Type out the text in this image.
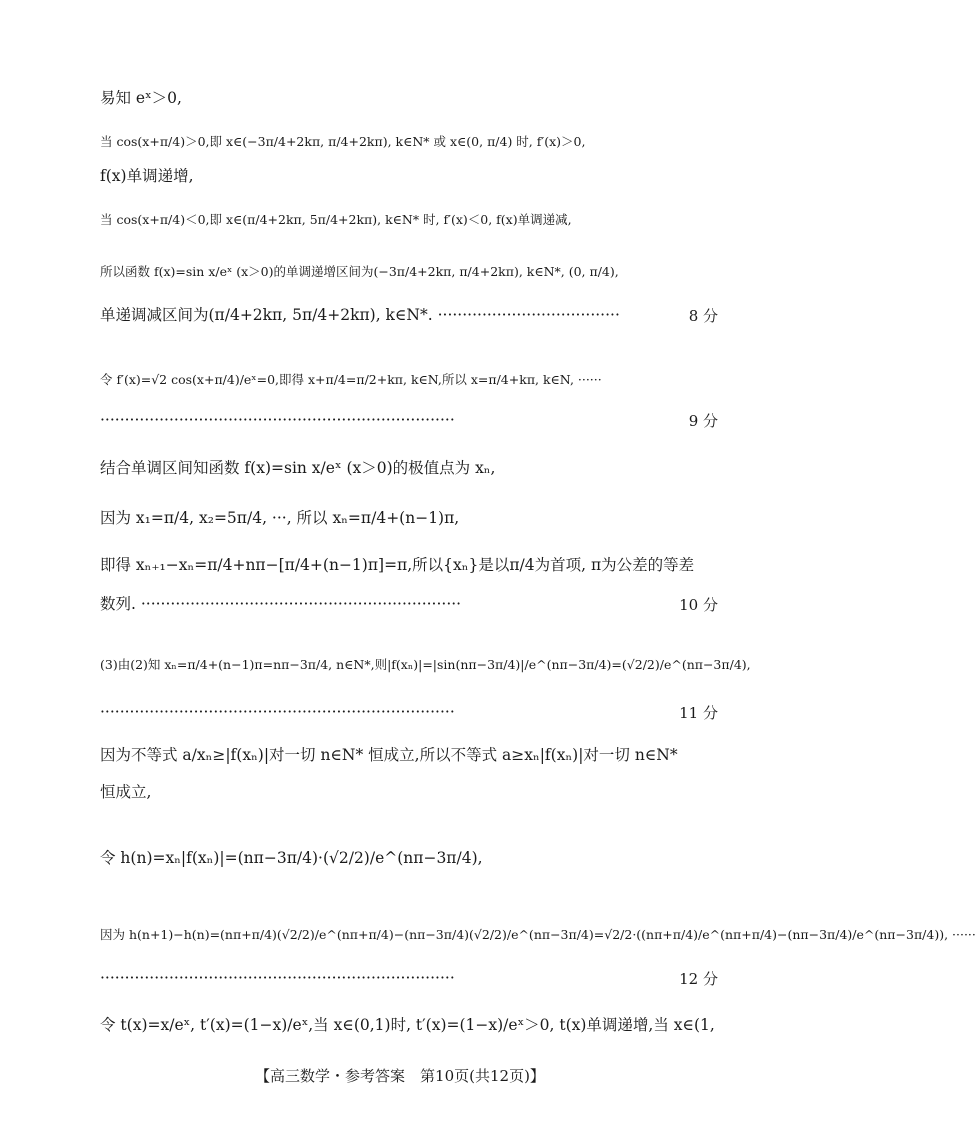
易知 eˣ＞0,
当 cos(x+π/4)＞0,即 x∈(−3π/4+2kπ, π/4+2kπ), k∈N* 或 x∈(0, π/4) 时, f′(x)＞0,
f(x)单调递增,
当 cos(x+π/4)＜0,即 x∈(π/4+2kπ, 5π/4+2kπ), k∈N* 时, f′(x)＜0, f(x)单调递减,
所以函数 f(x)=sin x/eˣ (x＞0)的单调递增区间为(−3π/4+2kπ, π/4+2kπ), k∈N*, (0, π/4),
单递调减区间为(π/4+2kπ, 5π/4+2kπ), k∈N*. ·····································	8 分
令 f′(x)=√2 cos(x+π/4)/eˣ=0,即得 x+π/4=π/2+kπ, k∈N,所以 x=π/4+kπ, k∈N, ······
········································································	9 分
结合单调区间知函数 f(x)=sin x/eˣ (x＞0)的极值点为 xₙ,
因为 x₁=π/4, x₂=5π/4, ···, 所以 xₙ=π/4+(n−1)π,
即得 xₙ₊₁−xₙ=π/4+nπ−[π/4+(n−1)π]=π,所以{xₙ}是以π/4为首项, π为公差的等差
数列. ·································································	10 分
(3)由(2)知 xₙ=π/4+(n−1)π=nπ−3π/4, n∈N*,则|f(xₙ)|=|sin(nπ−3π/4)|/e^(nπ−3π/4)=(√2/2)/e^(nπ−3π/4),
········································································	11 分
因为不等式 a/xₙ≥|f(xₙ)|对一切 n∈N* 恒成立,所以不等式 a≥xₙ|f(xₙ)|对一切 n∈N*
恒成立,
令 h(n)=xₙ|f(xₙ)|=(nπ−3π/4)·(√2/2)/e^(nπ−3π/4),
因为 h(n+1)−h(n)=(nπ+π/4)(√2/2)/e^(nπ+π/4)−(nπ−3π/4)(√2/2)/e^(nπ−3π/4)=√2/2·((nπ+π/4)/e^(nπ+π/4)−(nπ−3π/4)/e^(nπ−3π/4)), ······
········································································	12 分
令 t(x)=x/eˣ, t′(x)=(1−x)/eˣ,当 x∈(0,1)时, t′(x)=(1−x)/eˣ＞0, t(x)单调递增,当 x∈(1,
【高三数学・参考答案　第10页(共12页)】
